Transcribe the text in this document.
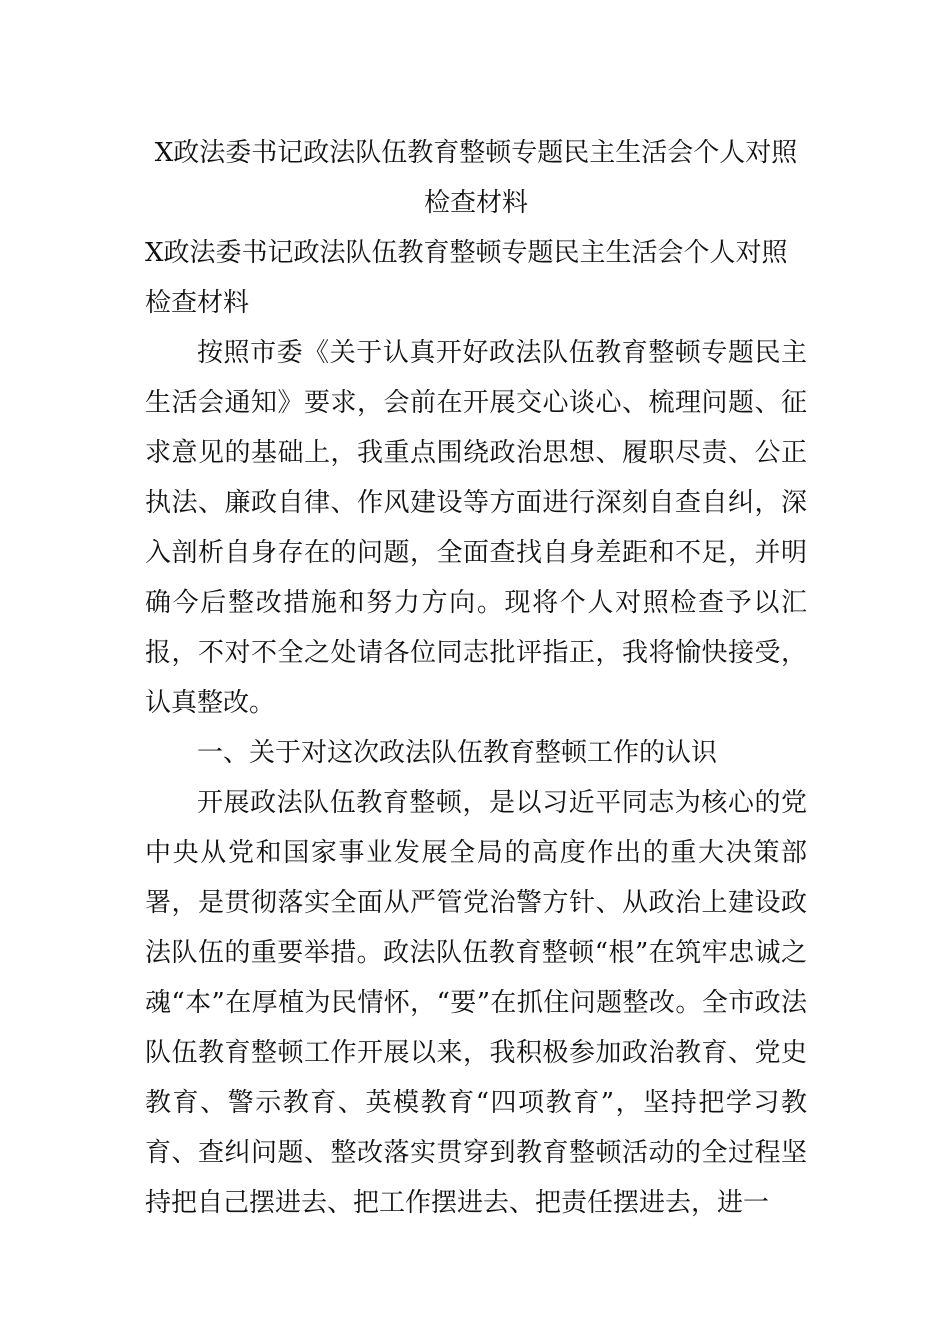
X政法委书记政法队伍教育整顿专题民主生活会个人对照检查材料
X政法委书记政法队伍教育整顿专题民主生活会个人对照检查材料

按照市委《关于认真开好政法队伍教育整顿专题民主生活会通知》要求，会前在开展交心谈心、梳理问题、征求意见的基础上，我重点围绕政治思想、履职尽责、公正执法、廉政自律、作风建设等方面进行深刻自查自纠，深入剖析自身存在的问题，全面查找自身差距和不足，并明确今后整改措施和努力方向。现将个人对照检查予以汇报，不对不全之处请各位同志批评指正，我将愉快接受，认真整改。

一、关于对这次政法队伍教育整顿工作的认识

开展政法队伍教育整顿，是以习近平同志为核心的党中央从党和国家事业发展全局的高度作出的重大决策部署，是贯彻落实全面从严管党治警方针、从政治上建设政法队伍的重要举措。政法队伍教育整顿“根”在筑牢忠诚之魂“本”在厚植为民情怀，“要”在抓住问题整改。全市政法队伍教育整顿工作开展以来，我积极参加政治教育、党史教育、警示教育、英模教育“四项教育”，坚持把学习教育、查纠问题、整改落实贯穿到教育整顿活动的全过程坚持把自己摆进去、把工作摆进去、把责任摆进去，进一
